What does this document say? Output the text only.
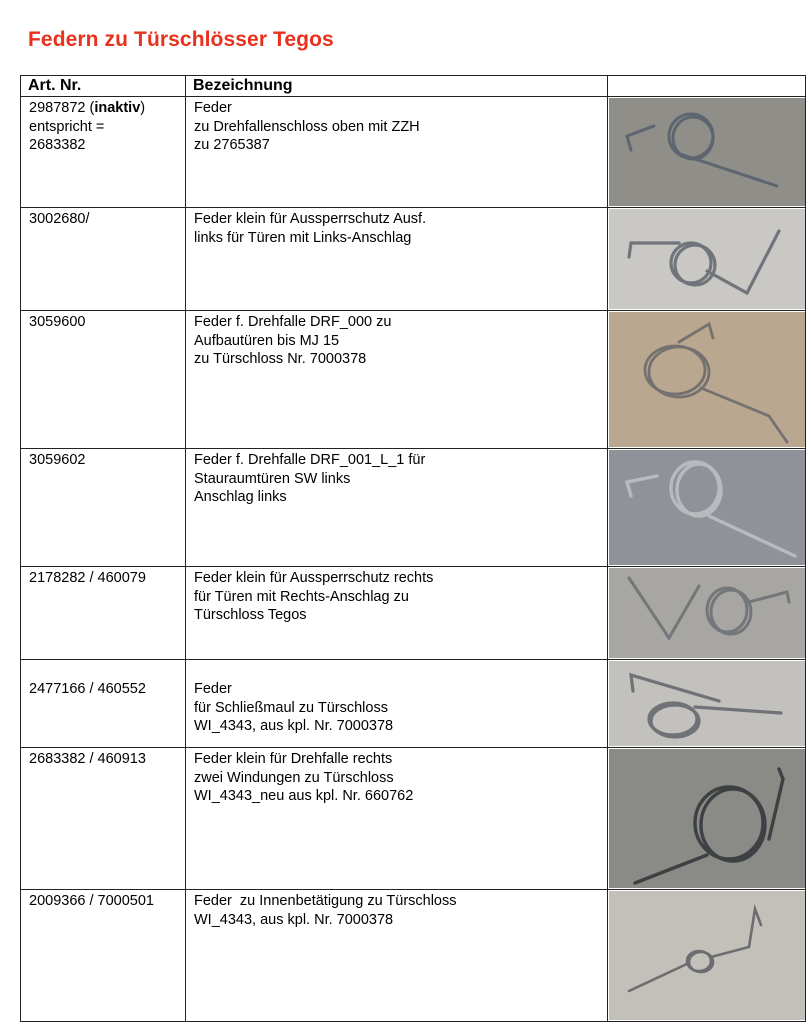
Federn zu Türschlösser Tegos
Art. Nr.	Bezeichnung	

2987872 (inaktiv)
entspricht =
2683382	Feder
zu Drehfallenschloss oben mit ZZH
zu 2765387

3002680/	Feder klein für Aussperrschutz Ausf.
links für Türen mit Links-Anschlag

3059600	Feder f. Drehfalle DRF_000 zu
Aufbautüren bis MJ 15
zu Türschloss Nr. 7000378

3059602	Feder f. Drehfalle DRF_001_L_1 für
Stauraumtüren SW links
Anschlag links

2178282 / 460079	Feder klein für Aussperrschutz rechts
für Türen mit Rechts-Anschlag zu
Türschloss Tegos

2477166 / 460552	Feder
für Schließmaul zu Türschloss
WI_4343, aus kpl. Nr. 7000378

2683382 / 460913	Feder klein für Drehfalle rechts
zwei Windungen zu Türschloss
WI_4343_neu aus kpl. Nr. 660762

2009366 / 7000501	Feder  zu Innenbetätigung zu Türschloss
WI_4343, aus kpl. Nr. 7000378
